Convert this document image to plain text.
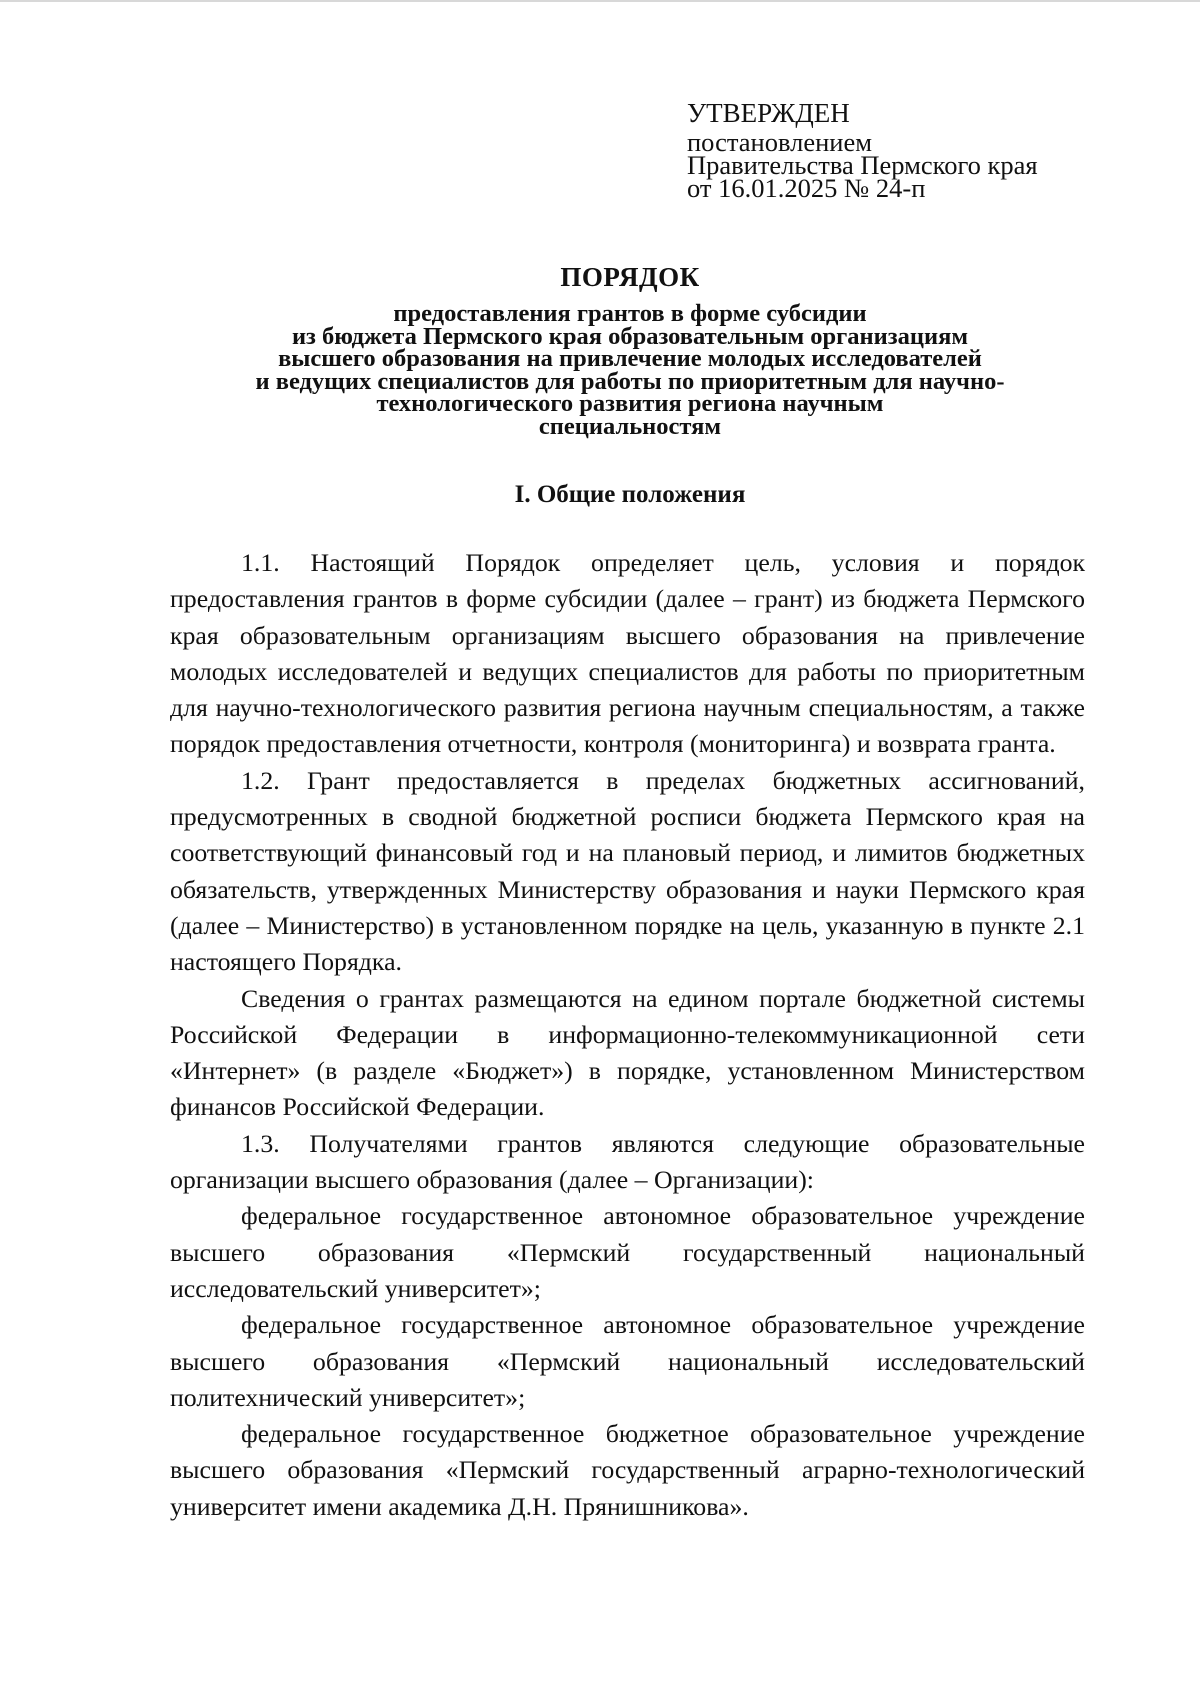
УТВЕРЖДЕН
постановлением
Правительства Пермского края
от 16.01.2025 № 24-п
ПОРЯДОК
предоставления грантов в форме субсидии
из бюджета Пермского края образовательным организациям
высшего образования на привлечение молодых исследователей
и ведущих специалистов для работы по приоритетным для научно-
технологического развития региона научным
специальностям
I. Общие положения

1.1. Настоящий Порядок определяет цель, условия и порядок предоставления грантов в форме субсидии (далее – грант) из бюджета Пермского края образовательным организациям высшего образования на привлечение молодых исследователей и ведущих специалистов для работы по приоритетным для научно-технологического развития региона научным специальностям, а также порядок предоставления отчетности, контроля (мониторинга) и возврата гранта.

1.2. Грант предоставляется в пределах бюджетных ассигнований, предусмотренных в сводной бюджетной росписи бюджета Пермского края на соответствующий финансовый год и на плановый период, и лимитов бюджетных обязательств, утвержденных Министерству образования и науки Пермского края (далее – Министерство) в установленном порядке на цель, указанную в пункте 2.1 настоящего Порядка.

Сведения о грантах размещаются на едином портале бюджетной системы Российской Федерации в информационно-телекоммуникационной сети «Интернет» (в разделе «Бюджет») в порядке, установленном Министерством финансов Российской Федерации.

1.3. Получателями грантов являются следующие образовательные организации высшего образования (далее – Организации):

федеральное государственное автономное образовательное учреждение высшего образования «Пермский государственный национальный исследовательский университет»;

федеральное государственное автономное образовательное учреждение высшего образования «Пермский национальный исследовательский политехнический университет»;

федеральное государственное бюджетное образовательное учреждение высшего образования «Пермский государственный аграрно-технологический университет имени академика Д.Н. Прянишникова».
